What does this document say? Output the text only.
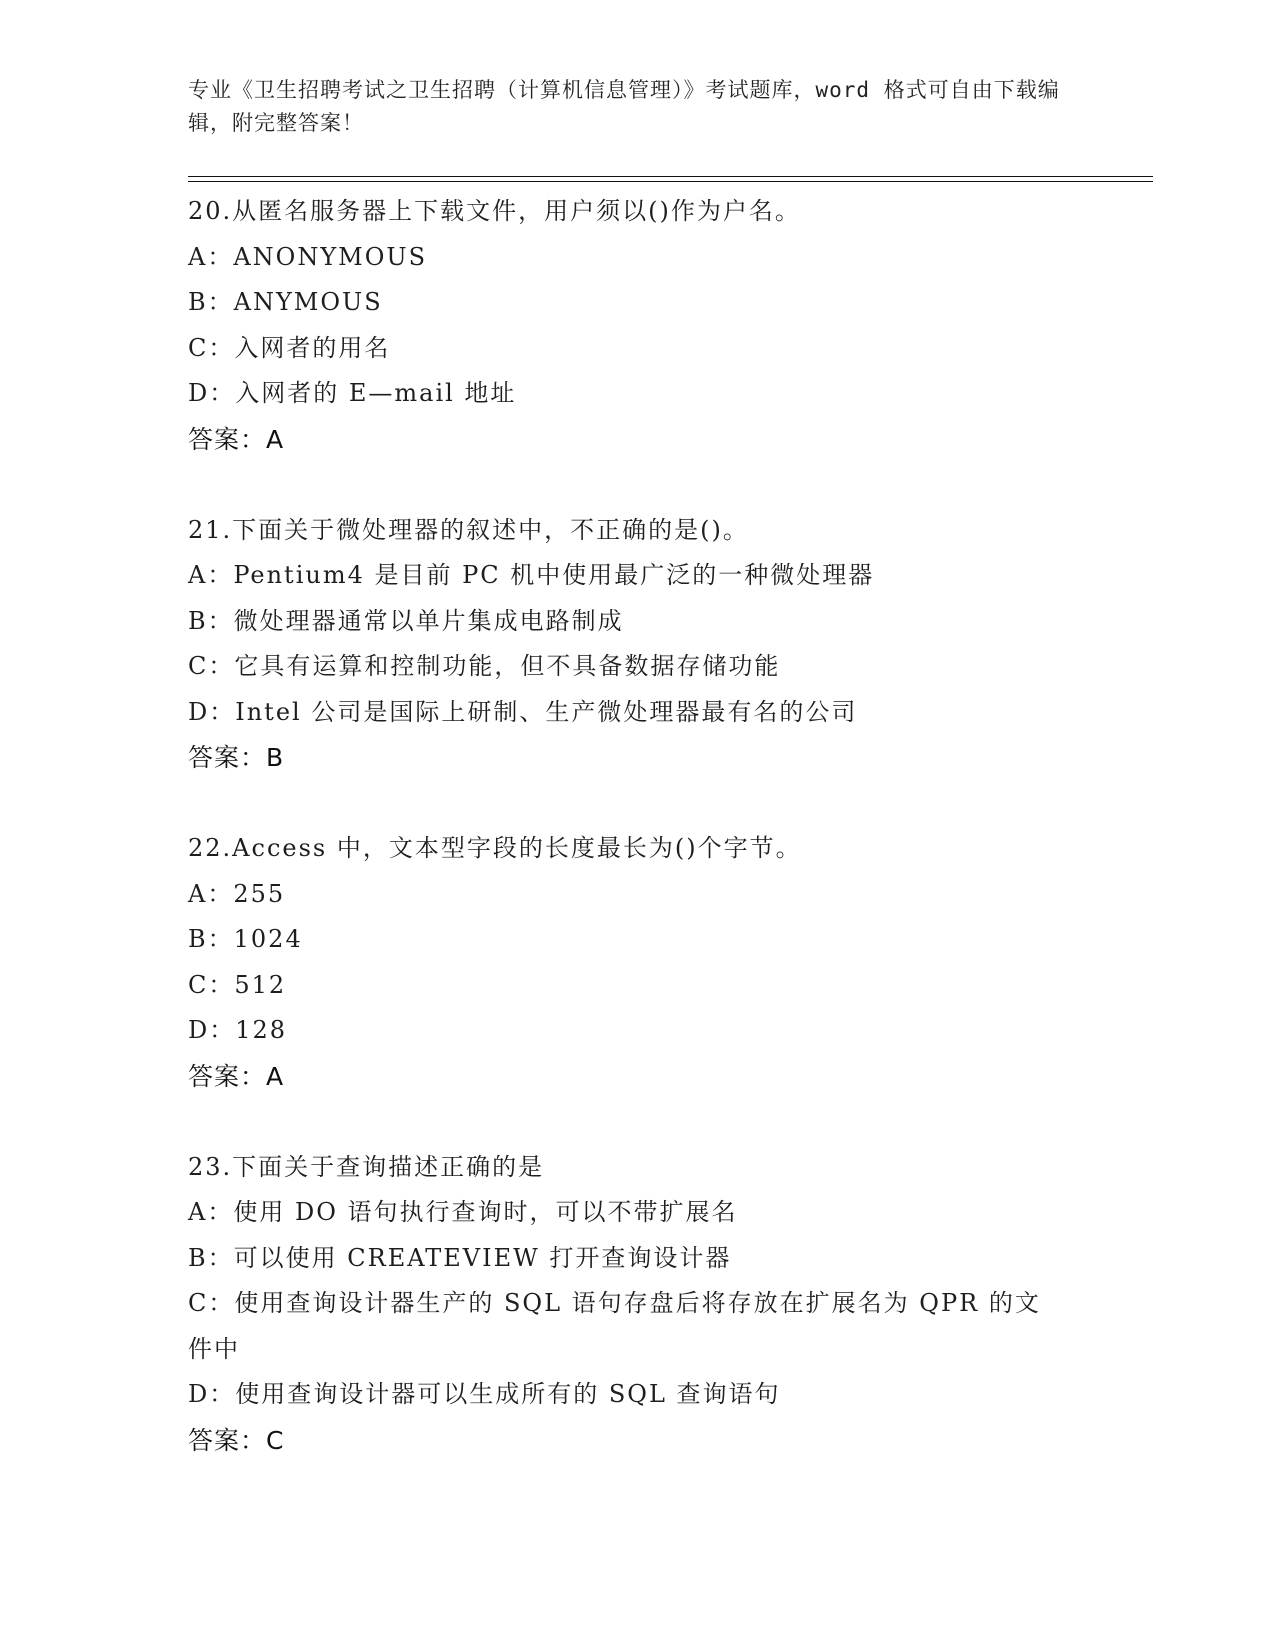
专业《卫生招聘考试之卫生招聘（计算机信息管理）》考试题库，word 格式可自由下载编辑，附完整答案！
20.从匿名服务器上下载文件，用户须以()作为户名。
A：ANONYMOUS
B：ANYMOUS
C：入网者的用名
D：入网者的 E—mail 地址
答案：A
21.下面关于微处理器的叙述中，不正确的是()。
A：Pentium4 是目前 PC 机中使用最广泛的一种微处理器
B：微处理器通常以单片集成电路制成
C：它具有运算和控制功能，但不具备数据存储功能
D：Intel 公司是国际上研制、生产微处理器最有名的公司
答案：B
22.Access 中，文本型字段的长度最长为()个字节。
A：255
B：1024
C：512
D：128
答案：A
23.下面关于查询描述正确的是
A：使用 DO 语句执行查询时，可以不带扩展名
B：可以使用 CREATEVIEW 打开查询设计器
C：使用查询设计器生产的 SQL 语句存盘后将存放在扩展名为 QPR 的文件中
D：使用查询设计器可以生成所有的 SQL 查询语句
答案：C
